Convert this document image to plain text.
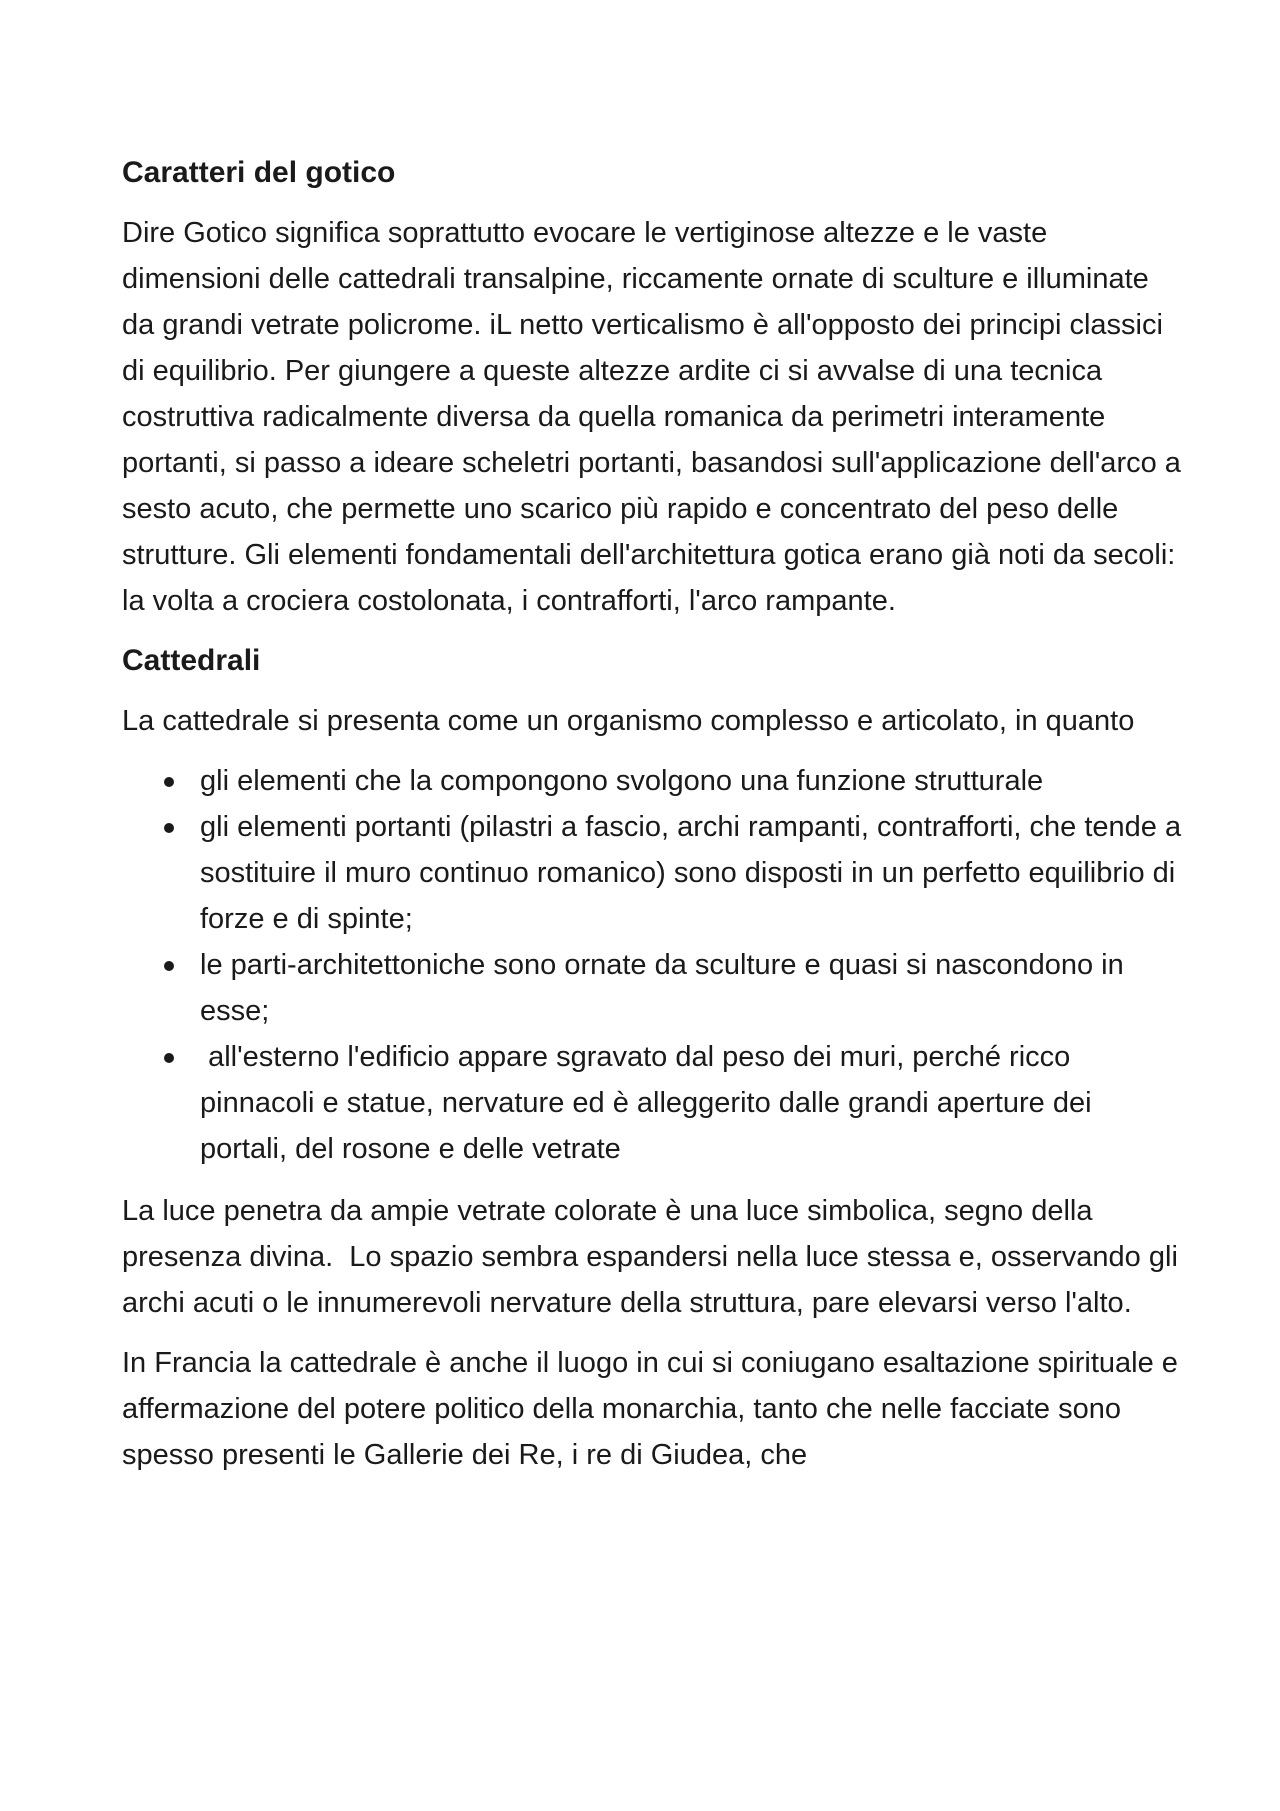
Caratteri del gotico

Dire Gotico significa soprattutto evocare le vertiginose altezze e le vaste dimensioni delle cattedrali transalpine, riccamente ornate di sculture e illuminate da grandi vetrate policrome. iL netto verticalismo è all'opposto dei principi classici di equilibrio. Per giungere a queste altezze ardite ci si avvalse di una tecnica costruttiva radicalmente diversa da quella romanica da perimetri interamente portanti, si passo a ideare scheletri portanti, basandosi sull'applicazione dell'arco a sesto acuto, che permette uno scarico più rapido e concentrato del peso delle strutture. Gli elementi fondamentali dell'architettura gotica erano già noti da secoli: la volta a crociera costolonata, i contrafforti, l'arco rampante.

Cattedrali

La cattedrale si presenta come un organismo complesso e articolato, in quanto

gli elementi che la compongono svolgono una funzione strutturale
gli elementi portanti (pilastri a fascio, archi rampanti, contrafforti, che tende a sostituire il muro continuo romanico) sono disposti in un perfetto equilibrio di forze e di spinte;
le parti-architettoniche sono ornate da sculture e quasi si nascondono in esse;
all'esterno l'edificio appare sgravato dal peso dei muri, perché ricco pinnacoli e statue, nervature ed è alleggerito dalle grandi aperture dei portali, del rosone e delle vetrate

La luce penetra da ampie vetrate colorate è una luce simbolica, segno della presenza divina.  Lo spazio sembra espandersi nella luce stessa e, osservando gli archi acuti o le innumerevoli nervature della struttura, pare elevarsi verso l'alto.

In Francia la cattedrale è anche il luogo in cui si coniugano esaltazione spirituale e affermazione del potere politico della monarchia, tanto che nelle facciate sono spesso presenti le Gallerie dei Re, i re di Giudea, che
